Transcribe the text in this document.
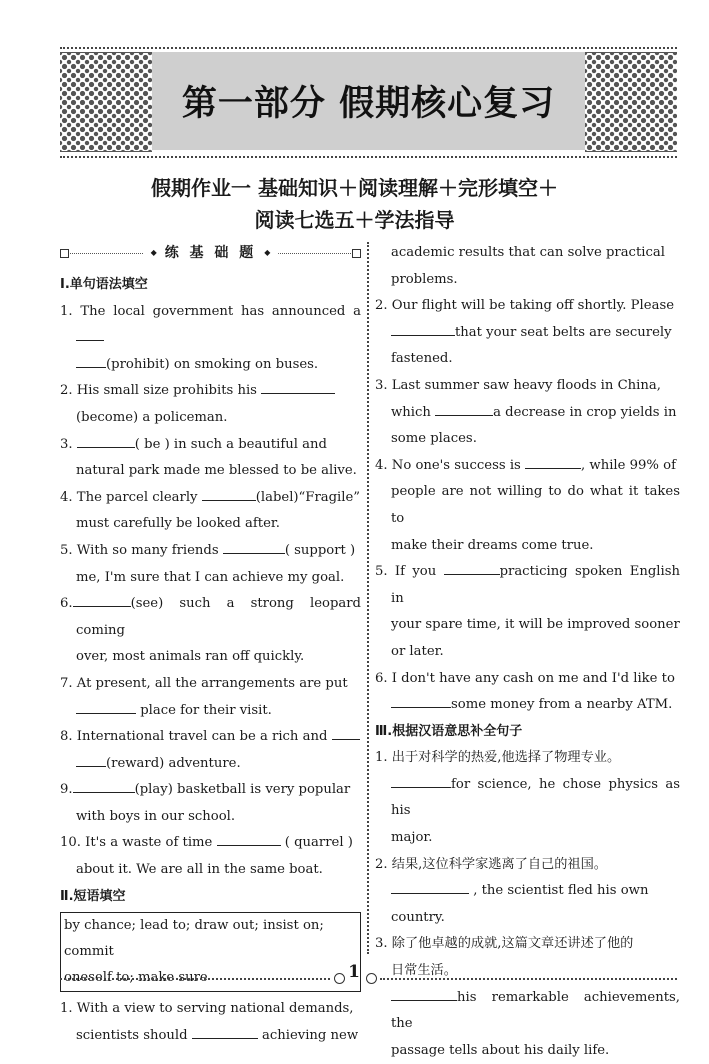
第一部分 假期核心复习
假期作业一 基础知识＋阅读理解＋完形填空＋
阅读七选五＋学法指导
◆ 练 基 础 题 ◆
Ⅰ.单句语法填空
1. The local government has announced a
(prohibit) on smoking on buses.
2. His small size prohibits his
(become) a policeman.
3.	( be ) in such a beautiful and
natural park made me blessed to be alive.
4. The parcel clearly	(label)“Fragile”
must carefully be looked after.
5. With so many friends	( support )
me, I'm sure that I can achieve my goal.
6.	(see) such a strong leopard coming
over, most animals ran off quickly.
7. At present, all the arrangements are put
place for their visit.
8. International travel can be a rich and
(reward) adventure.
9.	(play) basketball is very popular
with boys in our school.
10. It's a waste of time	( quarrel )
about it. We are all in the same boat.
Ⅱ.短语填空
by chance; lead to; draw out; insist on; commit
oneself to; make sure
1. With a view to serving national demands,
scientists should	achieving new
academic results that can solve practical
problems.
2. Our flight will be taking off shortly. Please
that your seat belts are securely
fastened.
3. Last summer saw heavy floods in China,
which	a decrease in crop yields in
some places.
4. No one's success is	, while 99% of
people are not willing to do what it takes to
make their dreams come true.
5. If you	practicing spoken English in
your spare time, it will be improved sooner
or later.
6. I don't have any cash on me and I'd like to
some money from a nearby ATM.
Ⅲ.根据汉语意思补全句子
1. 出于对科学的热爱,他选择了物理专业。
for science, he chose physics as his
major.
2. 结果,这位科学家逃离了自己的祖国。
, the scientist fled his own
country.
3. 除了他卓越的成就,这篇文章还讲述了他的
日常生活。
his remarkable achievements, the
passage tells about his daily life.
1
